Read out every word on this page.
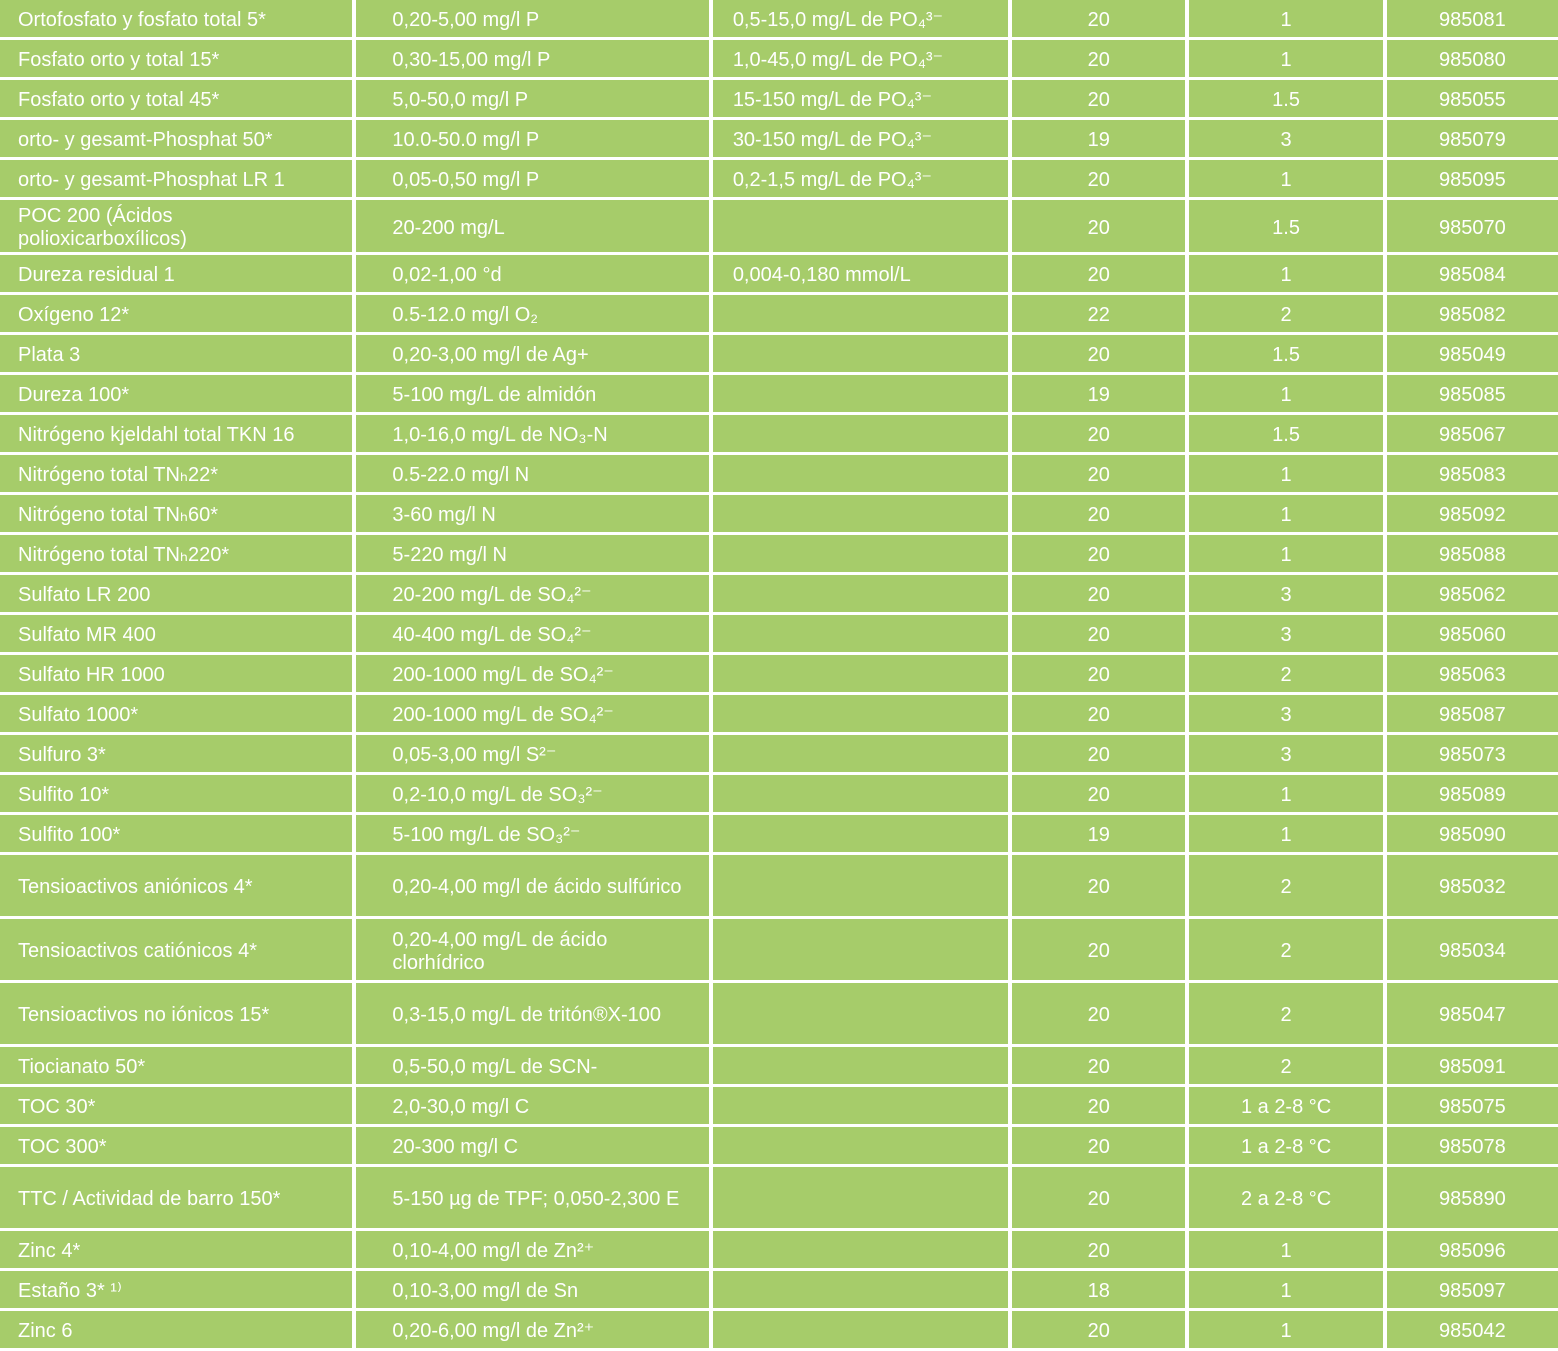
Ortofosfato y fosfato total 5*	0,20-5,00 mg/l P	0,5-15,0 mg/L de PO₄³⁻	20	1	985081

Fosfato orto y total 15*	0,30-15,00 mg/l P	1,0-45,0 mg/L de PO₄³⁻	20	1	985080

Fosfato orto y total 45*	5,0-50,0 mg/l P	15-150 mg/L de PO₄³⁻	20	1.5	985055

orto- y gesamt-Phosphat 50*	10.0-50.0 mg/l P	30-150 mg/L de PO₄³⁻	19	3	985079

orto- y gesamt-Phosphat LR 1	0,05-0,50 mg/l P	0,2-1,5 mg/L de PO₄³⁻	20	1	985095

POC 200 (Ácidos polioxicarboxílicos)	20-200 mg/L		20	1.5	985070

Dureza residual 1	0,02-1,00 °d	0,004-0,180 mmol/L	20	1	985084

Oxígeno 12*	0.5-12.0 mg/l O₂		22	2	985082

Plata 3	0,20-3,00 mg/l de Ag+		20	1.5	985049

Dureza 100*	5-100 mg/L de almidón		19	1	985085

Nitrógeno kjeldahl total TKN 16	1,0-16,0 mg/L de NO₃-N		20	1.5	985067

Nitrógeno total TNₕ22*	0.5-22.0 mg/l N		20	1	985083

Nitrógeno total TNₕ60*	3-60 mg/l N		20	1	985092

Nitrógeno total TNₕ220*	5-220 mg/l N		20	1	985088

Sulfato LR 200	20-200 mg/L de SO₄²⁻		20	3	985062

Sulfato MR 400	40-400 mg/L de SO₄²⁻		20	3	985060

Sulfato HR 1000	200-1000 mg/L de SO₄²⁻		20	2	985063

Sulfato 1000*	200-1000 mg/L de SO₄²⁻		20	3	985087

Sulfuro 3*	0,05-3,00 mg/l S²⁻		20	3	985073

Sulfito 10*	0,2-10,0 mg/L de SO₃²⁻		20	1	985089

Sulfito 100*	5-100 mg/L de SO₃²⁻		19	1	985090

Tensioactivos aniónicos 4*	0,20-4,00 mg/l de ácido sulfúrico		20	2	985032

Tensioactivos catiónicos 4*	0,20-4,00 mg/L de ácido clorhídrico		20	2	985034

Tensioactivos no iónicos 15*	0,3-15,0 mg/L de tritón®X-100		20	2	985047

Tiocianato 50*	0,5-50,0 mg/L de SCN-		20	2	985091

TOC 30*	2,0-30,0 mg/l C		20	1 a 2-8 °C	985075

TOC 300*	20-300 mg/l C		20	1 a 2-8 °C	985078

TTC / Actividad de barro 150*	5-150 µg de TPF; 0,050-2,300 E		20	2 a 2-8 °C	985890

Zinc 4*	0,10-4,00 mg/l de Zn²⁺		20	1	985096

Estaño 3* ¹⁾	0,10-3,00 mg/l de Sn		18	1	985097

Zinc 6	0,20-6,00 mg/l de Zn²⁺		20	1	985042
